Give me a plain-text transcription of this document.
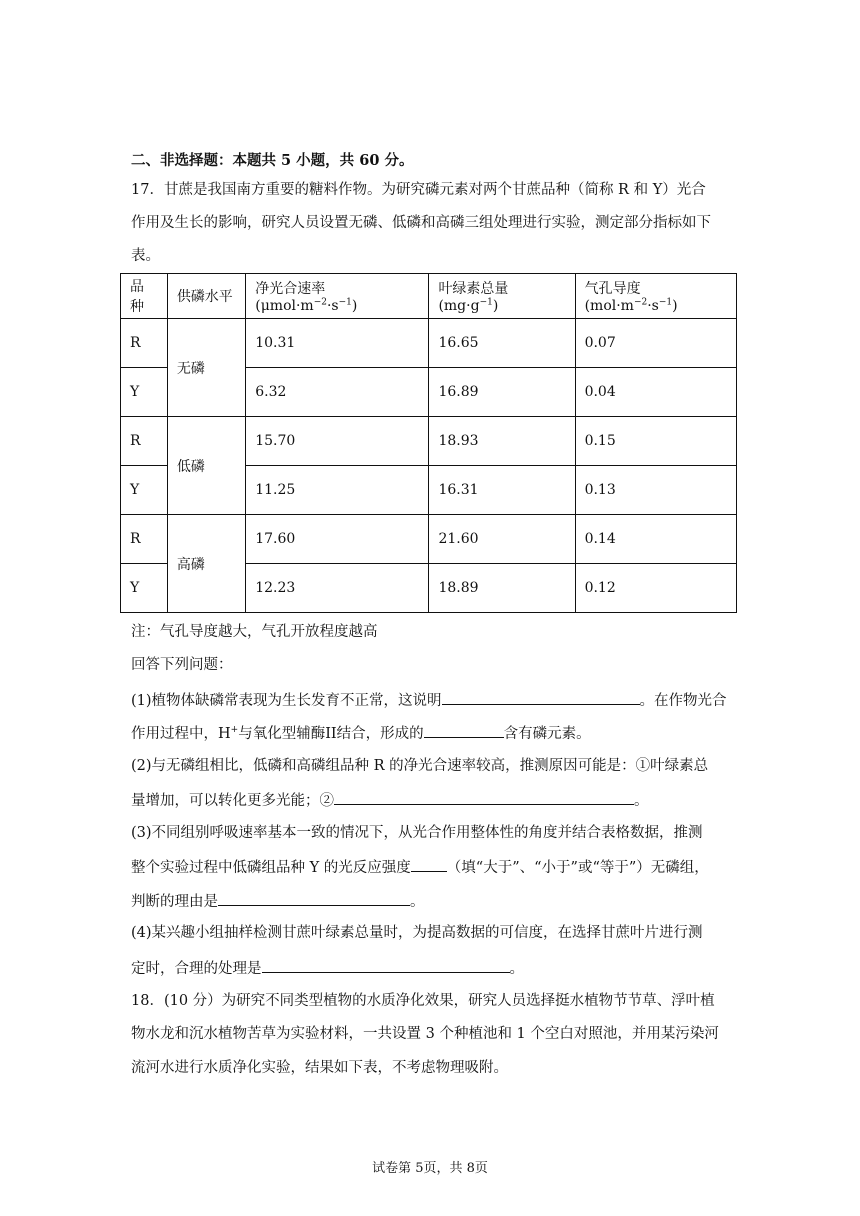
二、非选择题：本题共 5 小题，共 60 分。
17．甘蔗是我国南方重要的糖料作物。为研究磷元素对两个甘蔗品种（简称 R 和 Y）光合
作用及生长的影响，研究人员设置无磷、低磷和高磷三组处理进行实验，测定部分指标如下
表。
品种	供磷水平	净光合速率$(\mu mol\cdot m^{-2}\cdot s^{-1})$	叶绿素总量$(mg\cdot g^{-1})$	气孔导度$(mol\cdot m^{-2}\cdot s^{-1})$
R	无磷	10.31	16.65	0.07
Y		6.32	16.89	0.04
R	低磷	15.70	18.93	0.15
Y		11.25	16.31	0.13
R	高磷	17.60	21.60	0.14
Y		12.23	18.89	0.12
注：气孔导度越大，气孔开放程度越高
回答下列问题：
(1)植物体缺磷常表现为生长发育不正常，这说明	。在作物光合
作用过程中，H+与氧化型辅酶II结合，形成的	含有磷元素。
(2)与无磷组相比，低磷和高磷组品种 R 的净光合速率较高，推测原因可能是：①叶绿素总
量增加，可以转化更多光能；②	。
(3)不同组别呼吸速率基本一致的情况下，从光合作用整体性的角度并结合表格数据，推测
整个实验过程中低磷组品种 Y 的光反应强度 （填“大于”、“小于”或“等于”）无磷组，
判断的理由是	。
(4)某兴趣小组抽样检测甘蔗叶绿素总量时，为提高数据的可信度，在选择甘蔗叶片进行测
定时，合理的处理是	。
18．(10 分）为研究不同类型植物的水质净化效果，研究人员选择挺水植物节节草、浮叶植
物水龙和沉水植物苦草为实验材料，一共设置 3 个种植池和 1 个空白对照池，并用某污染河
流河水进行水质净化实验，结果如下表，不考虑物理吸附。
试卷第 5页，共 8页
